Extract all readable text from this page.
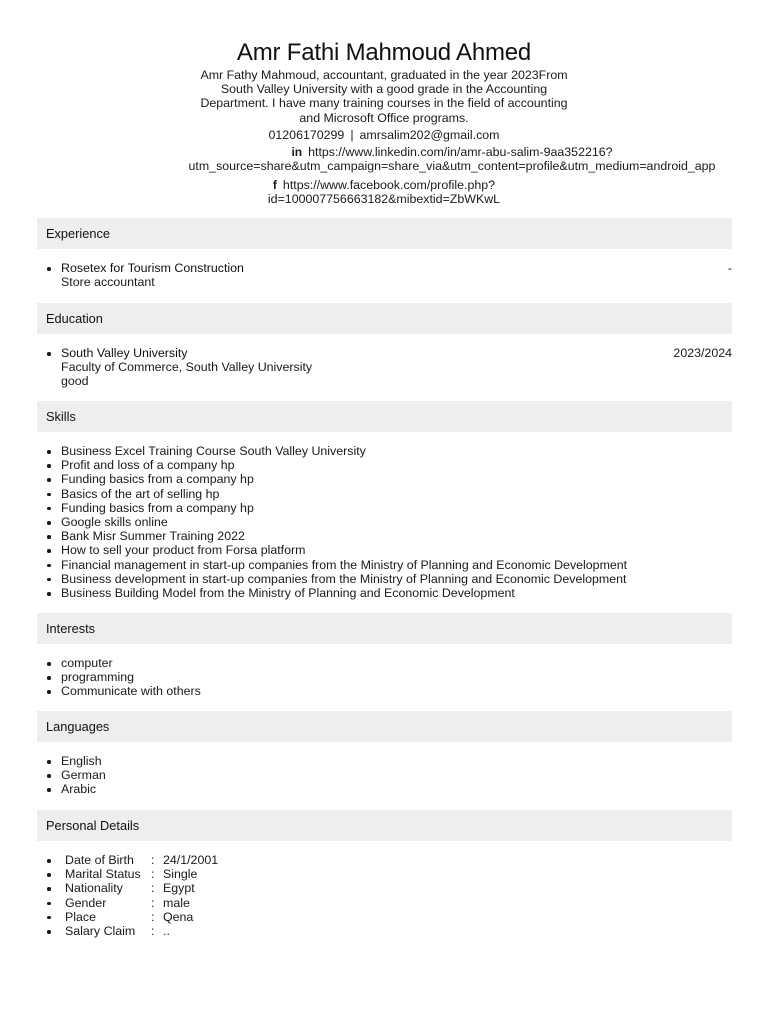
Amr Fathi Mahmoud Ahmed
Amr Fathy Mahmoud, accountant, graduated in the year 2023From
South Valley University with a good grade in the Accounting
Department. I have many training courses in the field of accounting
and Microsoft Office programs.
01206170299 | amrsalim202@gmail.com
in https://www.linkedin.com/in/amr-abu-salim-9aa352216?
utm_source=share&utm_campaign=share_via&utm_content=profile&utm_medium=android_app
f https://www.facebook.com/profile.php?
id=100007756663182&mibextid=ZbWKwL
Experience
Rosetex for Tourism Construction	-
Store accountant
Education
South Valley University	2023/2024
Faculty of Commerce, South Valley University
good
Skills
Business Excel Training Course South Valley University
Profit and loss of a company hp
Funding basics from a company hp
Basics of the art of selling hp
Funding basics from a company hp
Google skills online
Bank Misr Summer Training 2022
How to sell your product from Forsa platform
Financial management in start-up companies from the Ministry of Planning and Economic Development
Business development in start-up companies from the Ministry of Planning and Economic Development
Business Building Model from the Ministry of Planning and Economic Development
Interests
computer
programming
Communicate with others
Languages
English
German
Arabic
Personal Details
Date of Birth : 24/1/2001
Marital Status : Single
Nationality : Egypt
Gender	: male
Place	: Qena
Salary Claim : ..
